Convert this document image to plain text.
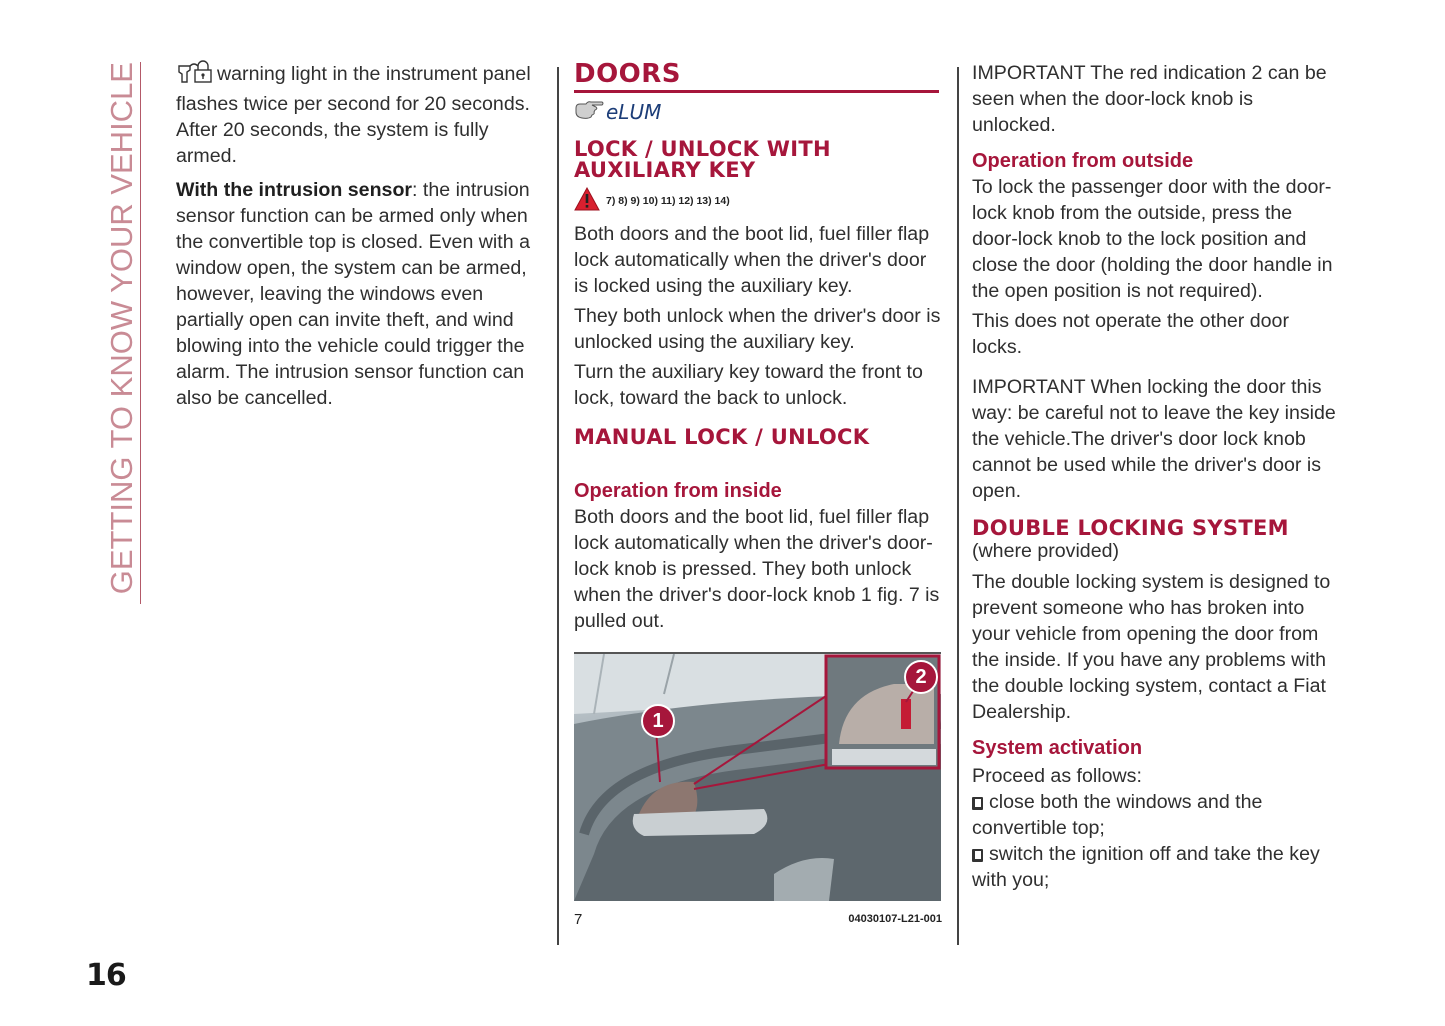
GETTING TO KNOW YOUR VEHICLE	warning light in the instrument panel flashes twice per second for 20 seconds. After 20 seconds, the system is fully armed.

With the intrusion sensor: the intrusion sensor function can be armed only when the convertible top is closed. Even with a window open, the system can be armed, however, leaving the windows even partially open can invite theft, and wind blowing into the vehicle could trigger the alarm. The intrusion sensor function can also be cancelled.

DOORS
eLUM
LOCK / UNLOCK WITH AUXILIARY KEY
7) 8) 9) 10) 11) 12) 13) 14)

Both doors and the boot lid, fuel filler flap lock automatically when the driver's door is locked using the auxiliary key.

They both unlock when the driver's door is unlocked using the auxiliary key.

Turn the auxiliary key toward the front to lock, toward the back to unlock.

MANUAL LOCK / UNLOCK
Operation from inside

Both doors and the boot lid, fuel filler flap lock automatically when the driver's door-lock knob is pressed. They both unlock when the driver's door-lock knob 1 fig. 7 is pulled out.

1
2
7	04030107-L21-001

IMPORTANT The red indication 2 can be seen when the door-lock knob is unlocked.

Operation from outside

To lock the passenger door with the door-lock knob from the outside, press the door-lock knob to the lock position and close the door (holding the door handle in the open position is not required).

This does not operate the other door locks.

IMPORTANT When locking the door this way: be careful not to leave the key inside the vehicle.The driver's door lock knob cannot be used while the driver's door is open.

DOUBLE LOCKING SYSTEM

(where provided)

The double locking system is designed to prevent someone who has broken into your vehicle from opening the door from the inside. If you have any problems with the double locking system, contact a Fiat Dealership.

System activation

Proceed as follows:

close both the windows and the convertible top;

switch the ignition off and take the key with you;

16
